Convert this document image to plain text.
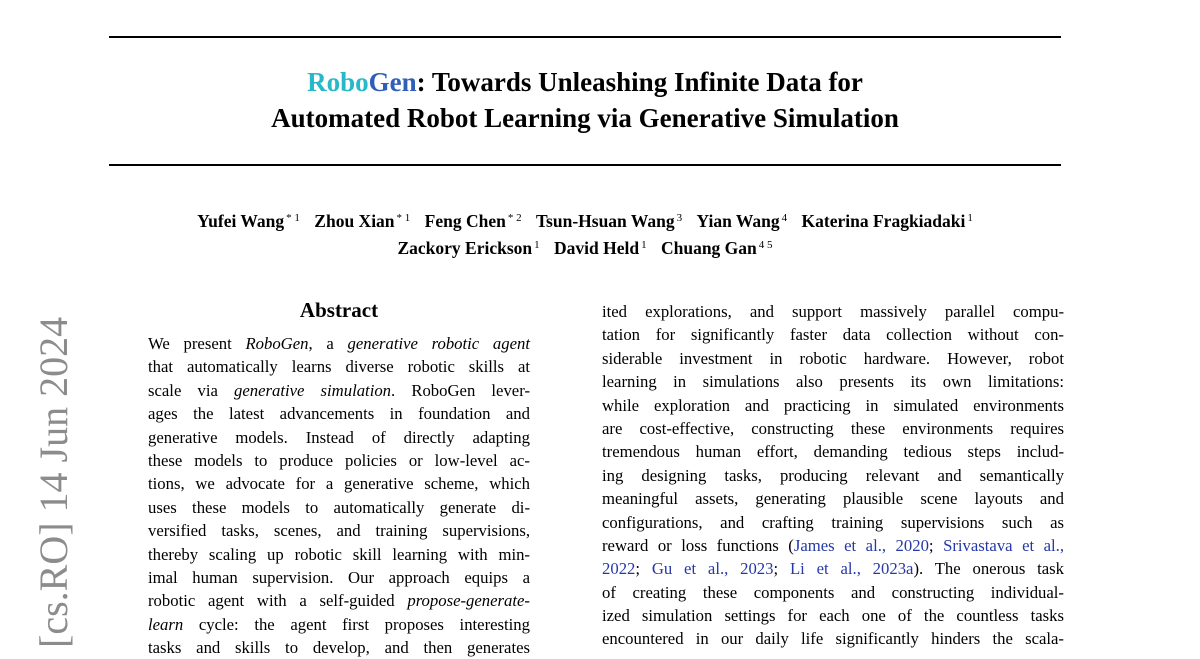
RoboGen: Towards Unleashing Infinite Data for
Automated Robot Learning via Generative Simulation
Yufei Wang $^{* 1}$ Zhou Xian $^{* 1}$ Feng Chen $^{* 2}$ Tsun-Hsuan Wang $^3$ Yian Wang $^4$ Katerina Fragkiadaki $^1$
Zackory Erickson $^1$ David Held $^1$ Chuang Gan $^{4 5}$
[cs.RO] 14 Jun 2024
Abstract
We present RoboGen, a generative robotic agent
that automatically learns diverse robotic skills at
scale via generative simulation. RoboGen lever-
ages the latest advancements in foundation and
generative models. Instead of directly adapting
these models to produce policies or low-level ac-
tions, we advocate for a generative scheme, which
uses these models to automatically generate di-
versified tasks, scenes, and training supervisions,
thereby scaling up robotic skill learning with min-
imal human supervision. Our approach equips a
robotic agent with a self-guided propose-generate-
learn cycle: the agent first proposes interesting
tasks and skills to develop, and then generates
ited explorations, and support massively parallel compu-
tation for significantly faster data collection without con-
siderable investment in robotic hardware. However, robot
learning in simulations also presents its own limitations:
while exploration and practicing in simulated environments
are cost-effective, constructing these environments requires
tremendous human effort, demanding tedious steps includ-
ing designing tasks, producing relevant and semantically
meaningful assets, generating plausible scene layouts and
configurations, and crafting training supervisions such as
reward or loss functions (James et al., 2020; Srivastava et al.,
2022; Gu et al., 2023; Li et al., 2023a). The onerous task
of creating these components and constructing individual-
ized simulation settings for each one of the countless tasks
encountered in our daily life significantly hinders the scala-
